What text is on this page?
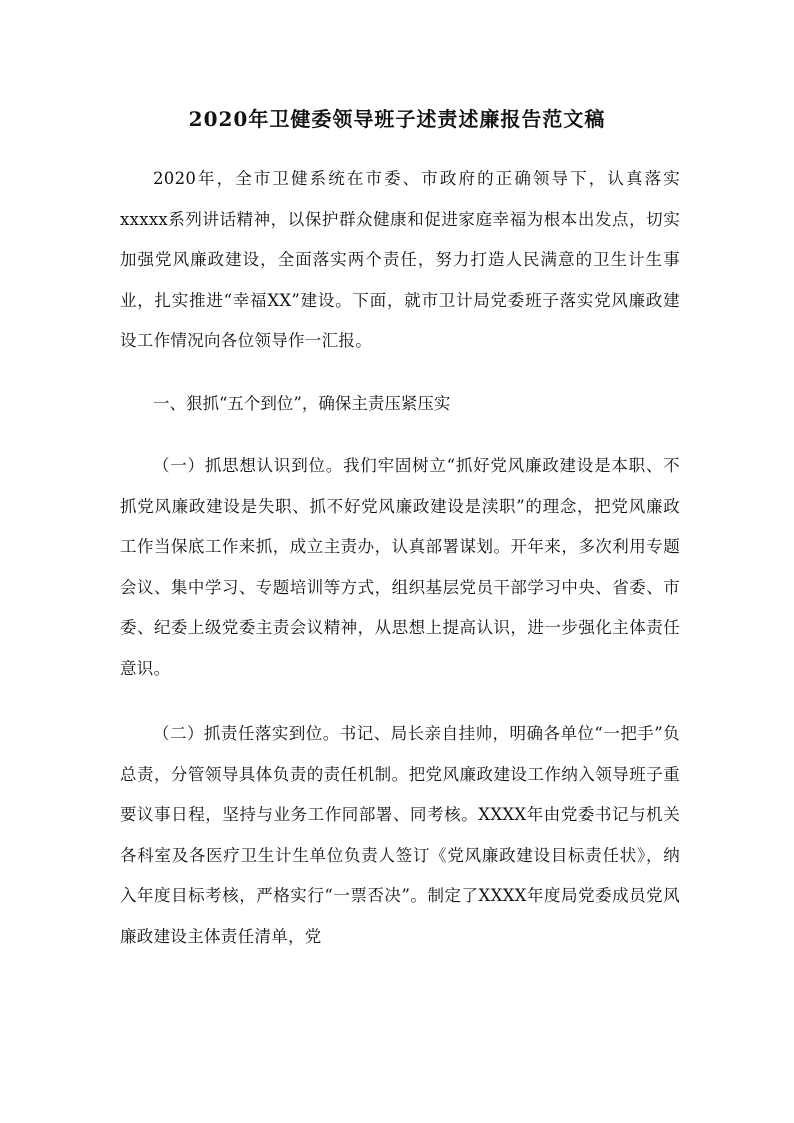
2020年卫健委领导班子述责述廉报告范文稿
2020年，全市卫健系统在市委、市政府的正确领导下，认真落实xxxxx系列讲话精神，以保护群众健康和促进家庭幸福为根本出发点，切实加强党风廉政建设，全面落实两个责任，努力打造人民满意的卫生计生事业，扎实推进“幸福XX”建设。下面，就市卫计局党委班子落实党风廉政建设工作情况向各位领导作一汇报。
一、狠抓“五个到位”，确保主责压紧压实
（一）抓思想认识到位。我们牢固树立“抓好党风廉政建设是本职、不抓党风廉政建设是失职、抓不好党风廉政建设是渎职”的理念，把党风廉政工作当保底工作来抓，成立主责办，认真部署谋划。开年来，多次利用专题会议、集中学习、专题培训等方式，组织基层党员干部学习中央、省委、市委、纪委上级党委主责会议精神，从思想上提高认识，进一步强化主体责任意识。
（二）抓责任落实到位。书记、局长亲自挂帅，明确各单位“一把手”负总责，分管领导具体负责的责任机制。把党风廉政建设工作纳入领导班子重要议事日程，坚持与业务工作同部署、同考核。XXXX年由党委书记与机关各科室及各医疗卫生计生单位负责人签订《党风廉政建设目标责任状》，纳入年度目标考核，严格实行“一票否决”。制定了XXXX年度局党委成员党风廉政建设主体责任清单，党
